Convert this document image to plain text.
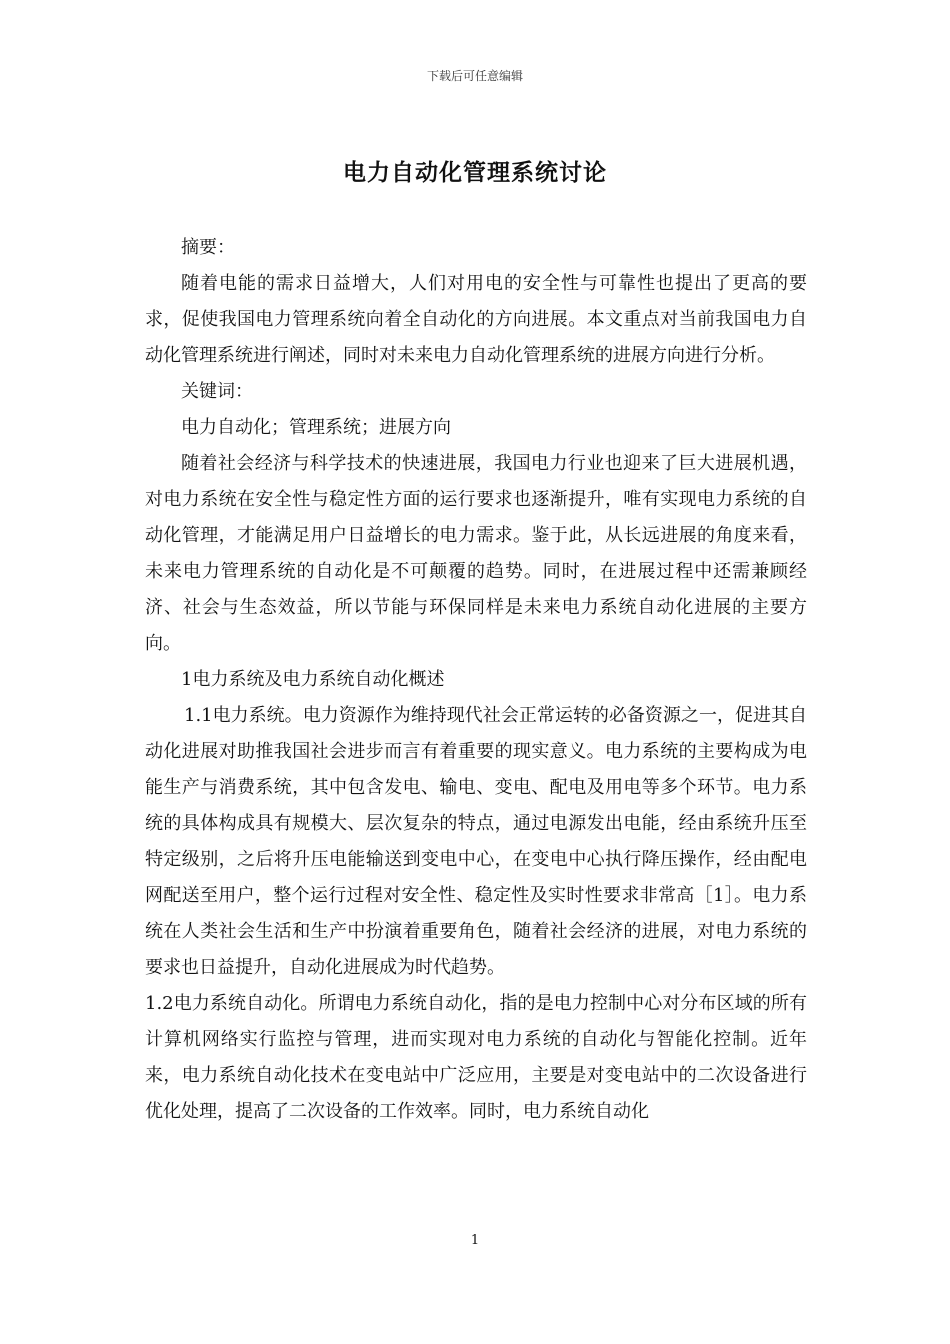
下载后可任意编辑
电力自动化管理系统讨论

摘要：

随着电能的需求日益增大，人们对用电的安全性与可靠性也提出了更高的要求，促使我国电力管理系统向着全自动化的方向进展。本文重点对当前我国电力自动化管理系统进行阐述，同时对未来电力自动化管理系统的进展方向进行分析。

关键词：

电力自动化；管理系统；进展方向

随着社会经济与科学技术的快速进展，我国电力行业也迎来了巨大进展机遇，对电力系统在安全性与稳定性方面的运行要求也逐渐提升，唯有实现电力系统的自动化管理，才能满足用户日益增长的电力需求。鉴于此，从长远进展的角度来看，未来电力管理系统的自动化是不可颠覆的趋势。同时，在进展过程中还需兼顾经济、社会与生态效益，所以节能与环保同样是未来电力系统自动化进展的主要方向。

1电力系统及电力系统自动化概述

1.1电力系统。电力资源作为维持现代社会正常运转的必备资源之一，促进其自动化进展对助推我国社会进步而言有着重要的现实意义。电力系统的主要构成为电能生产与消费系统，其中包含发电、输电、变电、配电及用电等多个环节。电力系统的具体构成具有规模大、层次复杂的特点，通过电源发出电能，经由系统升压至特定级别，之后将升压电能输送到变电中心，在变电中心执行降压操作，经由配电网配送至用户，整个运行过程对安全性、稳定性及实时性要求非常高［1］。电力系统在人类社会生活和生产中扮演着重要角色，随着社会经济的进展，对电力系统的要求也日益提升，自动化进展成为时代趋势。

1.2电力系统自动化。所谓电力系统自动化，指的是电力控制中心对分布区域的所有计算机网络实行监控与管理，进而实现对电力系统的自动化与智能化控制。近年来，电力系统自动化技术在变电站中广泛应用，主要是对变电站中的二次设备进行优化处理，提高了二次设备的工作效率。同时，电力系统自动化

1
